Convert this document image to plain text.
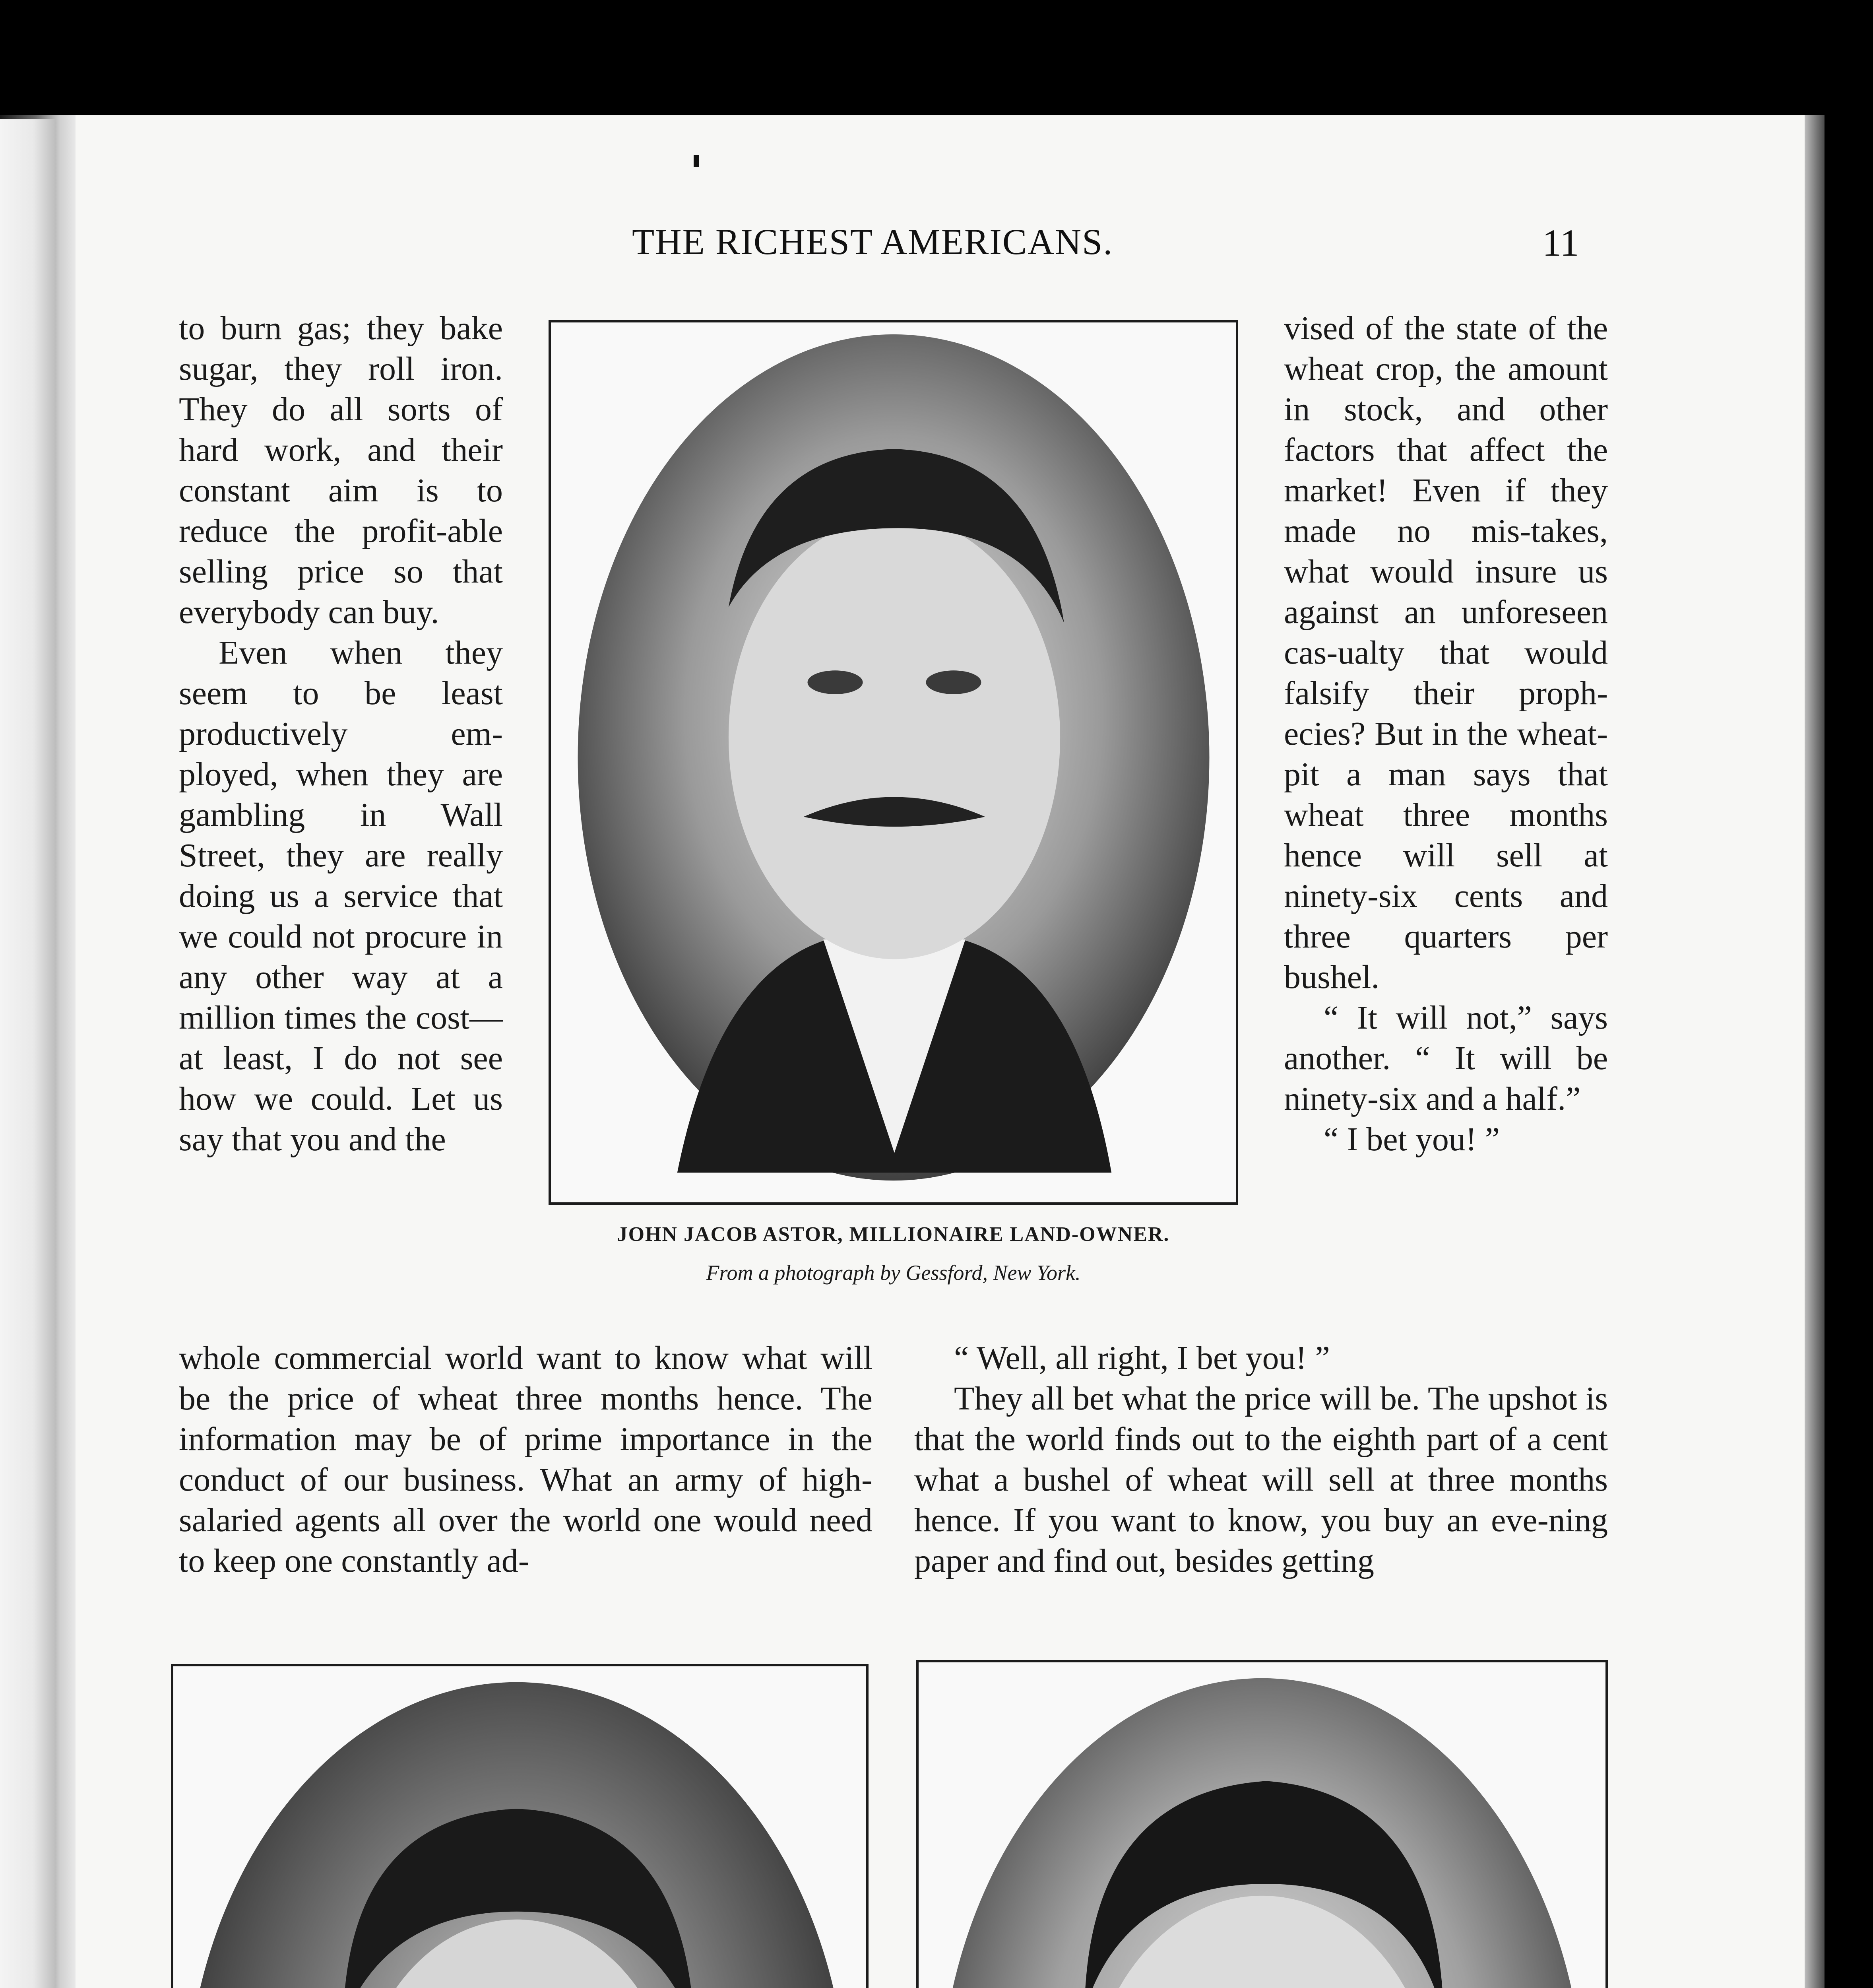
THE RICHEST AMERICANS.	11

to burn gas; they bake sugar, they roll iron. They do all sorts of hard work, and their constant aim is to reduce the profit-able selling price so that everybody can buy.

Even when they seem to be least productively em-ployed, when they are gambling in Wall Street, they are really doing us a service that we could not procure in any other way at a million times the cost—at least, I do not see how we could. Let us say that you and the

JOHN JACOB ASTOR, MILLIONAIRE LAND-OWNER.
From a photograph by Gessford, New York.

vised of the state of the wheat crop, the amount in stock, and other factors that affect the market! Even if they made no mis-takes, what would insure us against an unforeseen cas-ualty that would falsify their proph-ecies? But in the wheat-pit a man says that wheat three months hence will sell at ninety-six cents and three quarters per bushel.

“ It will not,” says another. “ It will be ninety-six and a half.”

“ I bet you! ”

whole commercial world want to know what will be the price of wheat three months hence. The information may be of prime importance in the conduct of our business. What an army of high-salaried agents all over the world one would need to keep one constantly ad-

“ Well, all right, I bet you! ”

They all bet what the price will be. The upshot is that the world finds out to the eighth part of a cent what a bushel of wheat will sell at three months hence. If you want to know, you buy an eve-ning paper and find out, besides getting
